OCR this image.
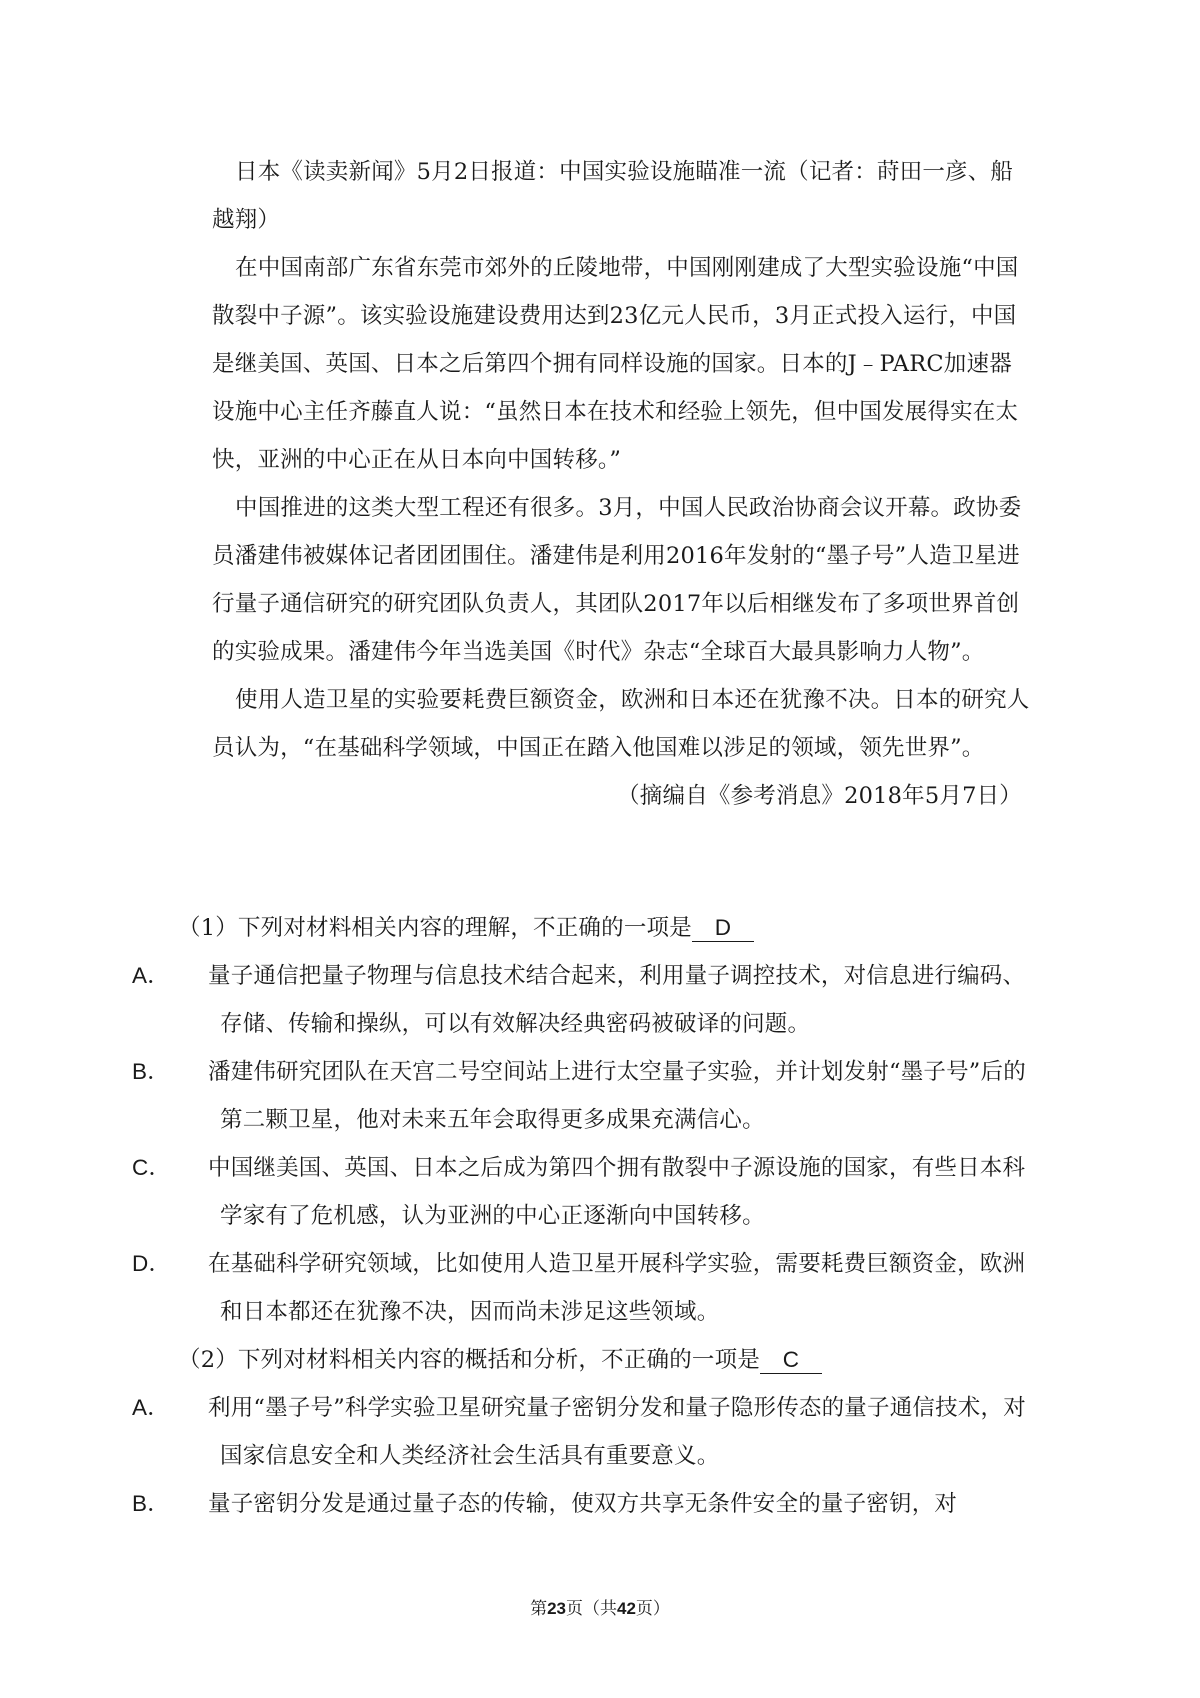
日本《读卖新闻》5月2日报道：中国实验设施瞄准一流（记者：莳田一彦、船越翔）

在中国南部广东省东莞市郊外的丘陵地带，中国刚刚建成了大型实验设施“中国散裂中子源”。该实验设施建设费用达到23亿元人民币，3月正式投入运行，中国是继美国、英国、日本之后第四个拥有同样设施的国家。日本的J﹣PARC加速器设施中心主任齐藤直人说：“虽然日本在技术和经验上领先，但中国发展得实在太快，亚洲的中心正在从日本向中国转移。”

中国推进的这类大型工程还有很多。3月，中国人民政治协商会议开幕。政协委员潘建伟被媒体记者团团围住。潘建伟是利用2016年发射的“墨子号”人造卫星进行量子通信研究的研究团队负责人，其团队2017年以后相继发布了多项世界首创的实验成果。潘建伟今年当选美国《时代》杂志“全球百大最具影响力人物”。

使用人造卫星的实验要耗费巨额资金，欧洲和日本还在犹豫不决。日本的研究人员认为，“在基础科学领域，中国正在踏入他国难以涉足的领域，领先世界”。

（摘编自《参考消息》2018年5月7日）

（1）下列对材料相关内容的理解，不正确的一项是 D

A． 量子通信把量子物理与信息技术结合起来，利用量子调控技术，对信息进行编码、存储、传输和操纵，可以有效解决经典密码被破译的问题。

B． 潘建伟研究团队在天宫二号空间站上进行太空量子实验，并计划发射“墨子号”后的第二颗卫星，他对未来五年会取得更多成果充满信心。

C． 中国继美国、英国、日本之后成为第四个拥有散裂中子源设施的国家，有些日本科学家有了危机感，认为亚洲的中心正逐渐向中国转移。

D． 在基础科学研究领域，比如使用人造卫星开展科学实验，需要耗费巨额资金，欧洲和日本都还在犹豫不决，因而尚未涉足这些领域。

（2）下列对材料相关内容的概括和分析，不正确的一项是 C

A． 利用“墨子号”科学实验卫星研究量子密钥分发和量子隐形传态的量子通信技术，对国家信息安全和人类经济社会生活具有重要意义。

B． 量子密钥分发是通过量子态的传输，使双方共享无条件安全的量子密钥，对

第23页（共42页）
